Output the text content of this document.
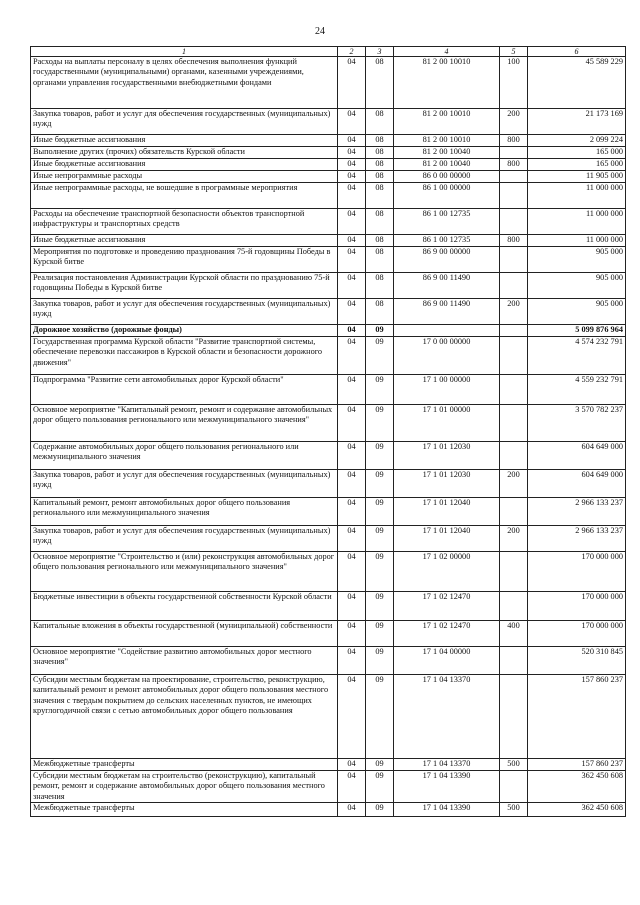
24
1	2	3	4	5	6
Расходы на выплаты персоналу в целях обеспечения выполнения функций государственными (муниципальными) органами, казенными учреждениями, органами управления государственными внебюджетными фондами	04	08	81 2 00 10010	100	45 589 229
Закупка товаров, работ и услуг для обеспечения государственных (муниципальных) нужд	04	08	81 2 00 10010	200	21 173 169
Иные бюджетные ассигнования	04	08	81 2 00 10010	800	2 099 224
Выполнение других (прочих) обязательств Курской области	04	08	81 2 00 10040		165 000
Иные бюджетные ассигнования	04	08	81 2 00 10040	800	165 000
Иные непрограммные расходы	04	08	86 0 00 00000		11 905 000
Иные непрограммные расходы, не вошедшие в программные мероприятия	04	08	86 1 00 00000		11 000 000
Расходы на обеспечение транспортной безопасности объектов транспортной инфраструктуры и транспортных средств	04	08	86 1 00 12735		11 000 000
Иные бюджетные ассигнования	04	08	86 1 00 12735	800	11 000 000
Мероприятия по подготовке и проведению празднования 75-й годовщины Победы в Курской битве	04	08	86 9 00 00000		905 000
Реализация постановления Администрации Курской области по празднованию 75-й годовщины Победы в Курской битве	04	08	86 9 00 11490		905 000
Закупка товаров, работ и услуг для обеспечения государственных (муниципальных) нужд	04	08	86 9 00 11490	200	905 000
Дорожное хозяйство (дорожные фонды)	04	09			5 099 876 964
Государственная программа Курской области "Развитие транспортной системы, обеспечение перевозки пассажиров в Курской области и безопасности дорожного движения"	04	09	17 0 00 00000		4 574 232 791
Подпрограмма "Развитие сети автомобильных дорог Курской области"	04	09	17 1 00 00000		4 559 232 791
Основное мероприятие "Капитальный ремонт, ремонт и содержание автомобильных дорог общего пользования регионального или межмуниципального значения"	04	09	17 1 01 00000		3 570 782 237
Содержание автомобильных дорог общего пользования регионального или межмуниципального значения	04	09	17 1 01 12030		604 649 000
Закупка товаров, работ и услуг для обеспечения государственных (муниципальных) нужд	04	09	17 1 01 12030	200	604 649 000
Капитальный ремонт, ремонт автомобильных дорог общего пользования регионального или межмуниципального значения	04	09	17 1 01 12040		2 966 133 237
Закупка товаров, работ и услуг для обеспечения государственных (муниципальных) нужд	04	09	17 1 01 12040	200	2 966 133 237
Основное мероприятие "Строительство и (или) реконструкция автомобильных дорог общего пользования регионального или межмуниципального значения"	04	09	17 1 02 00000		170 000 000
Бюджетные инвестиции в объекты государственной собственности Курской области	04	09	17 1 02 12470		170 000 000
Капитальные вложения в объекты государственной (муниципальной) собственности	04	09	17 1 02 12470	400	170 000 000
Основное мероприятие "Содействие развитию автомобильных дорог местного значения"	04	09	17 1 04 00000		520 310 845
Субсидии местным бюджетам на проектирование, строительство, реконструкцию, капитальный ремонт и ремонт автомобильных дорог общего пользования местного значения с твердым покрытием до сельских населенных пунктов, не имеющих круглогодичной связи с сетью автомобильных дорог общего пользования	04	09	17 1 04 13370		157 860 237
Межбюджетные трансферты	04	09	17 1 04 13370	500	157 860 237
Субсидии местным бюджетам на строительство (реконструкцию), капитальный ремонт, ремонт и содержание автомобильных дорог общего пользования местного значения	04	09	17 1 04 13390		362 450 608
Межбюджетные трансферты	04	09	17 1 04 13390	500	362 450 608
